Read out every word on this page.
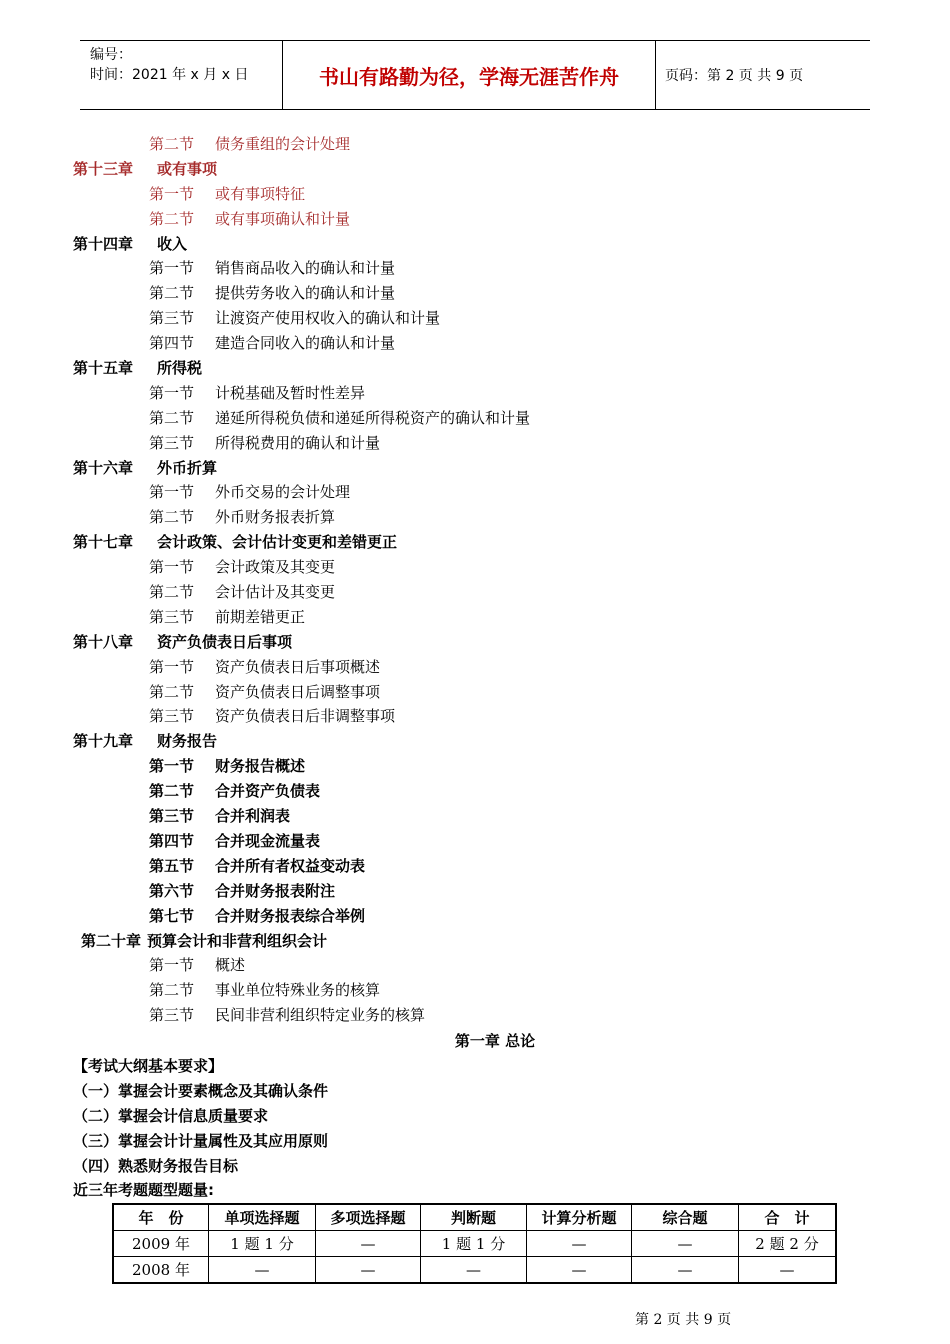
编号：
时间：2021 年 x 月 x 日	书山有路勤为径，学海无涯苦作舟	页码：第 2 页 共 9 页
第二节 债务重组的会计处理
第十三章 或有事项
第一节 或有事项特征
第二节 或有事项确认和计量
第十四章 收入
第一节 销售商品收入的确认和计量
第二节 提供劳务收入的确认和计量
第三节 让渡资产使用权收入的确认和计量
第四节 建造合同收入的确认和计量
第十五章 所得税
第一节 计税基础及暂时性差异
第二节 递延所得税负债和递延所得税资产的确认和计量
第三节 所得税费用的确认和计量
第十六章 外币折算
第一节 外币交易的会计处理
第二节 外币财务报表折算
第十七章 会计政策、会计估计变更和差错更正
第一节 会计政策及其变更
第二节 会计估计及其变更
第三节 前期差错更正
第十八章 资产负债表日后事项
第一节 资产负债表日后事项概述
第二节 资产负债表日后调整事项
第三节 资产负债表日后非调整事项
第十九章 财务报告
第一节 财务报告概述
第二节 合并资产负债表
第三节 合并利润表
第四节 合并现金流量表
第五节 合并所有者权益变动表
第六节 合并财务报表附注
第七节 合并财务报表综合举例
第二十章 预算会计和非营利组织会计
第一节 概述
第二节 事业单位特殊业务的核算
第三节 民间非营利组织特定业务的核算
第一章 总论
【考试大纲基本要求】
（一）掌握会计要素概念及其确认条件
（二）掌握会计信息质量要求
（三）掌握会计计量属性及其应用原则
（四）熟悉财务报告目标
近三年考题题型题量:
年　份	单项选择题	多项选择题	判断题	计算分析题	综合题	合　计
2009 年	1 题 1 分	—	1 题 1 分	—	—	2 题 2 分
2008 年	—	—	—	—	—	—
第 2 页 共 9 页
